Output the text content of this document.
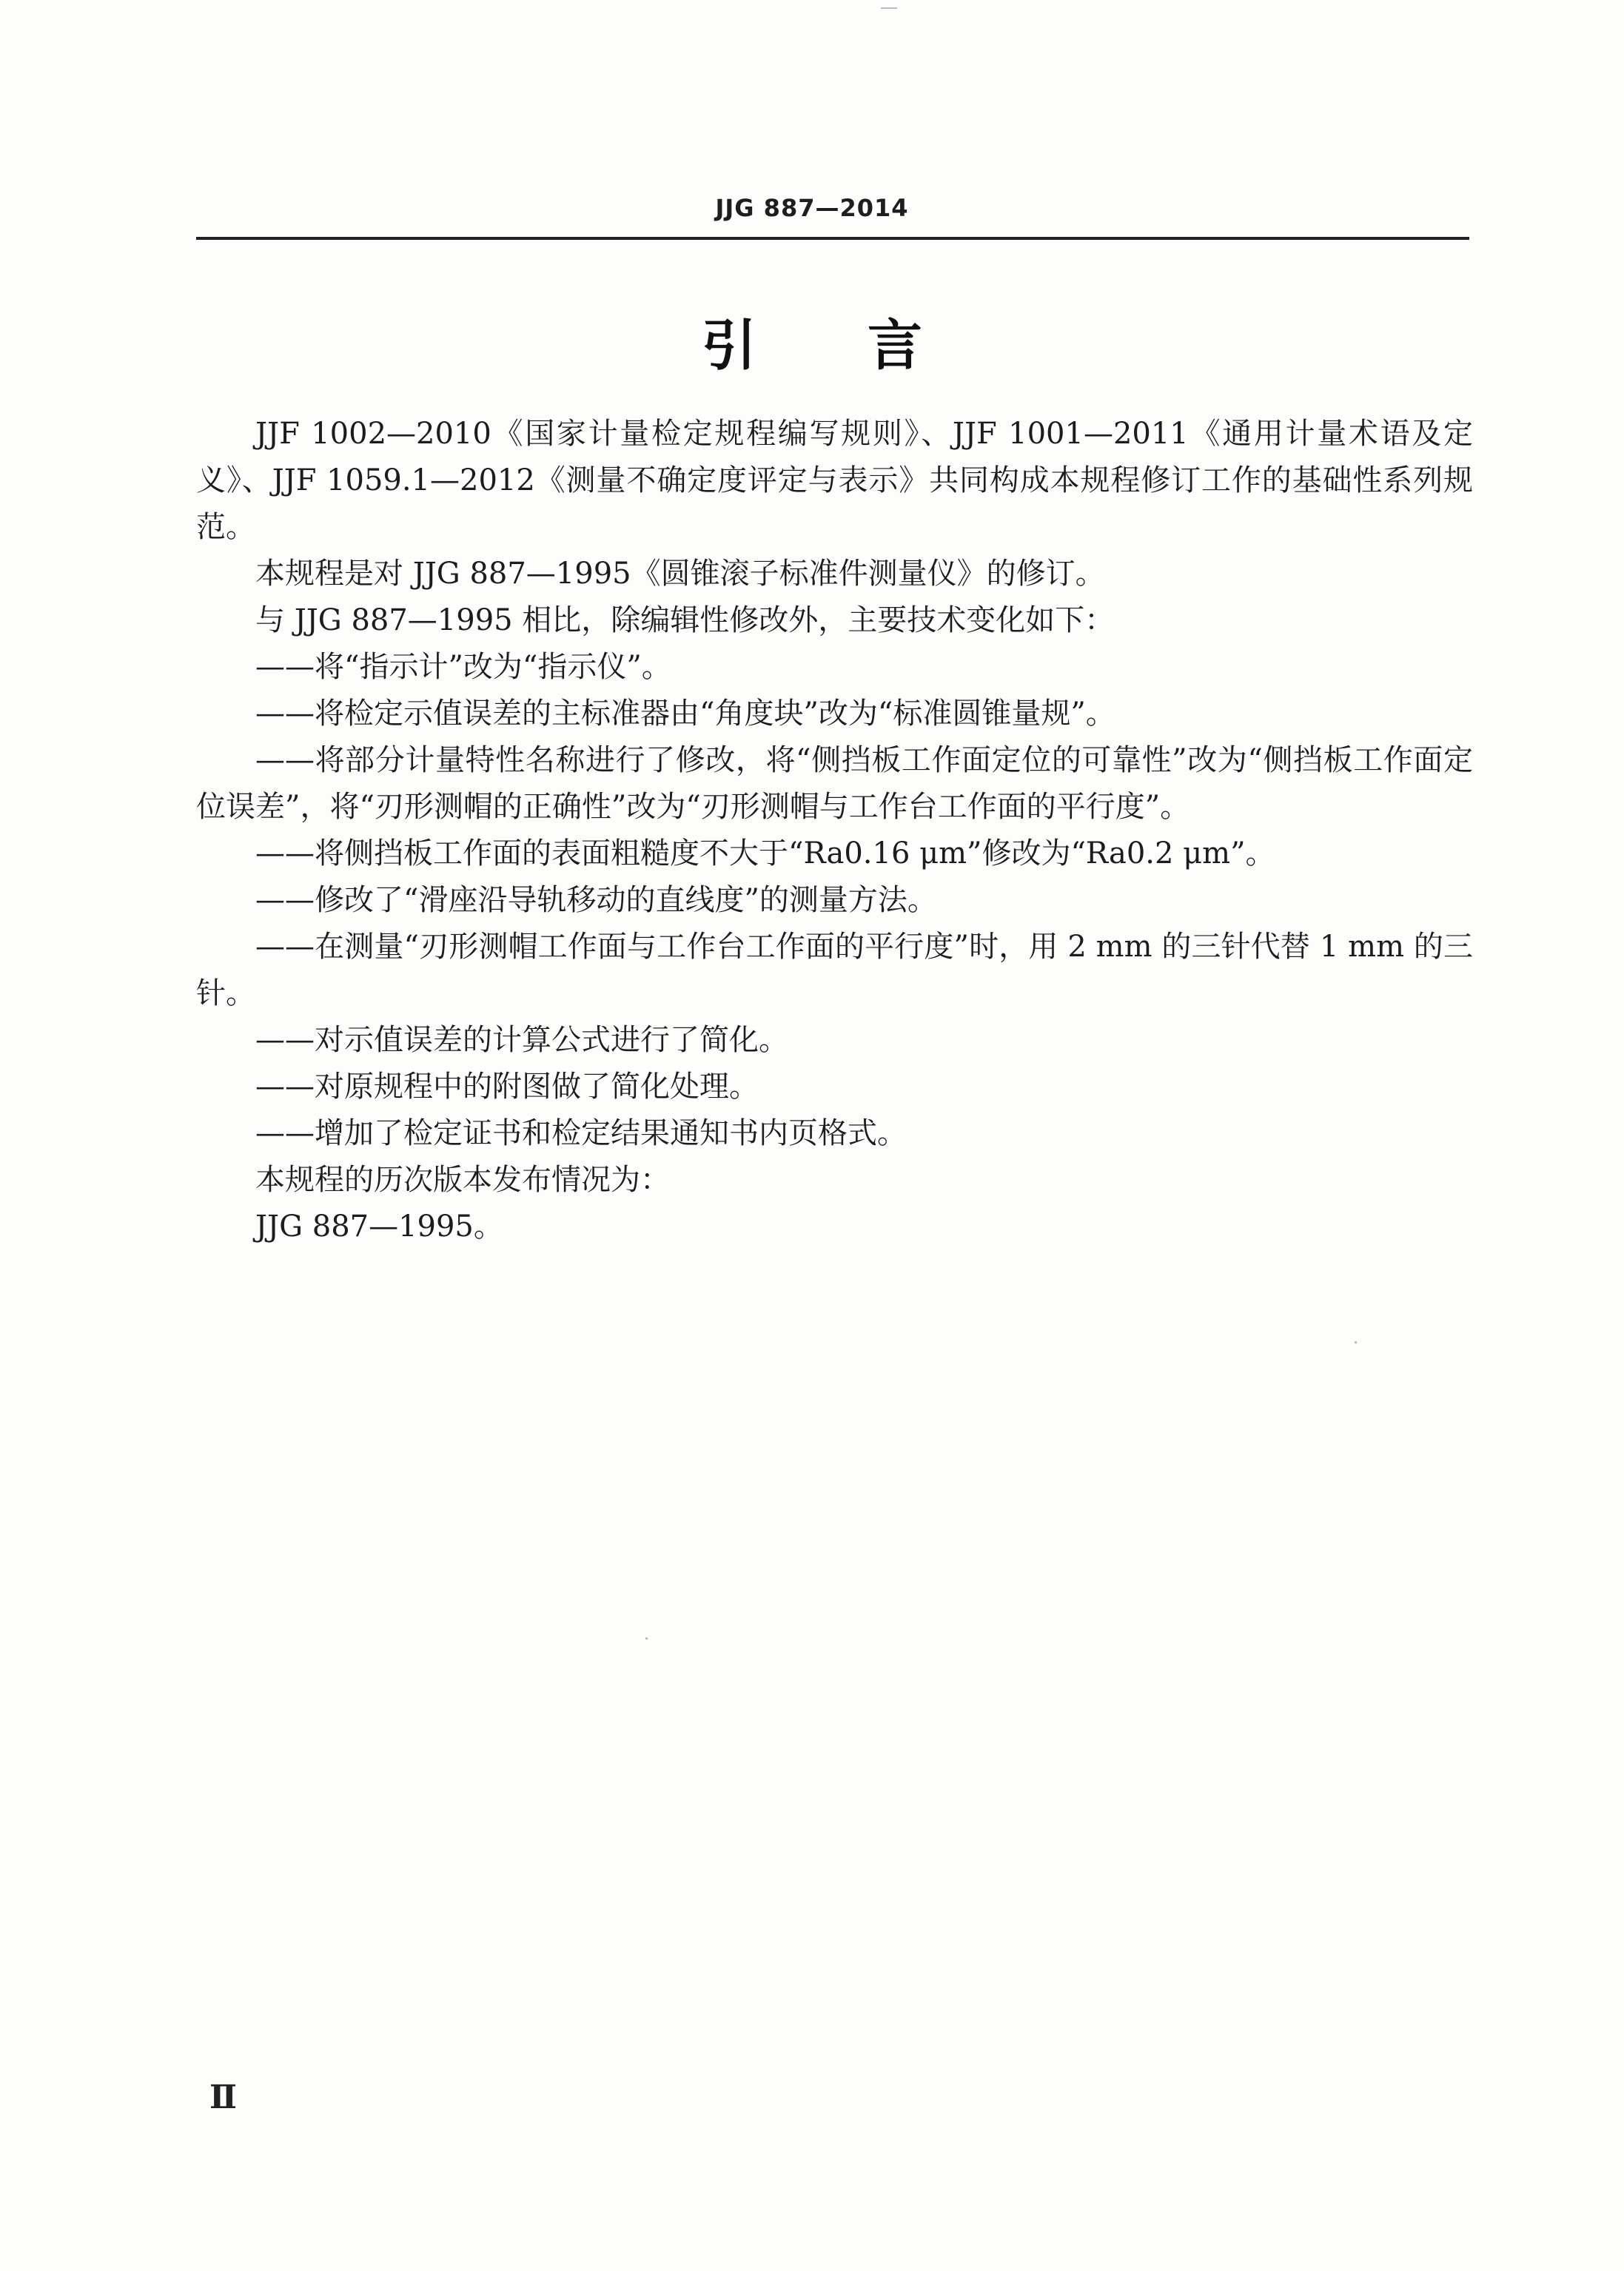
JJG 887—2014
引 言

JJF 1002—2010《国家计量检定规程编写规则》、JJF 1001—2011《通用计量术语及定义》、JJF 1059.1—2012《测量不确定度评定与表示》共同构成本规程修订工作的基础性系列规范。

本规程是对 JJG 887—1995《圆锥滚子标准件测量仪》的修订。

与 JJG 887—1995 相比，除编辑性修改外，主要技术变化如下：

——将“指示计”改为“指示仪”。

——将检定示值误差的主标准器由“角度块”改为“标准圆锥量规”。

——将部分计量特性名称进行了修改，将“侧挡板工作面定位的可靠性”改为“侧挡板工作面定位误差”，将“刃形测帽的正确性”改为“刃形测帽与工作台工作面的平行度”。

——将侧挡板工作面的表面粗糙度不大于“Ra0.16 μm”修改为“Ra0.2 μm”。

——修改了“滑座沿导轨移动的直线度”的测量方法。

——在测量“刃形测帽工作面与工作台工作面的平行度”时，用 2 mm 的三针代替 1 mm 的三针。

——对示值误差的计算公式进行了简化。

——对原规程中的附图做了简化处理。

——增加了检定证书和检定结果通知书内页格式。

本规程的历次版本发布情况为：

JJG 887—1995。

Ⅱ
